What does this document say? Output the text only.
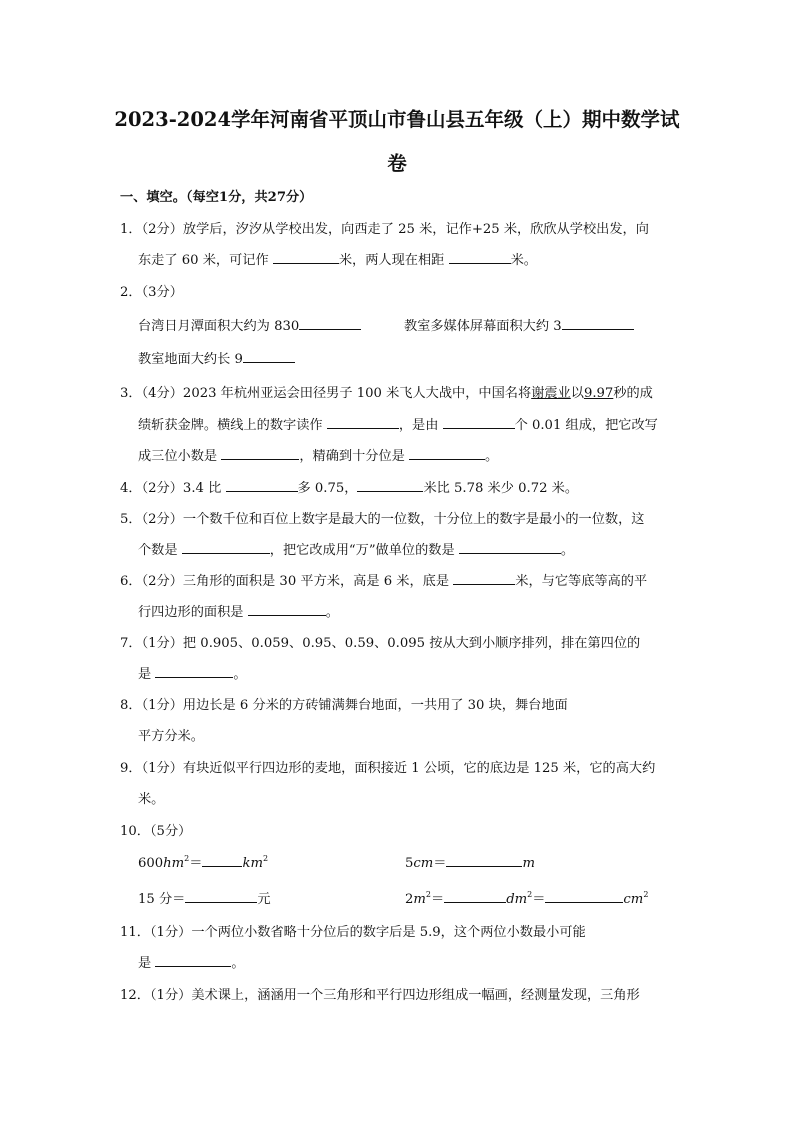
2023-2024学年河南省平顶山市鲁山县五年级（上）期中数学试
卷
一、填空。（每空1分，共27分）
1．（2分）放学后，汐汐从学校出发，向西走了 25 米，记作+25 米，欣欣从学校出发，向
东走了 60 米，可记作	米，两人现在相距	米。
2．（3分）
台湾日月潭面积大约为 830	教室多媒体屏幕面积大约 3
教室地面大约长 9
3．（4分）2023 年杭州亚运会田径男子 100 米飞人大战中，中国名将谢震业以9.97秒的成
绩斩获金牌。横线上的数字读作	，是由	个 0.01 组成，把它改写
成三位小数是	，精确到十分位是	。
4．（2分）3.4 比	多 0.75，	米比 5.78 米少 0.72 米。
5．（2分）一个数千位和百位上数字是最大的一位数，十分位上的数字是最小的一位数，这
个数是	，把它改成用“万”做单位的数是	。
6．（2分）三角形的面积是 30 平方米，高是 6 米，底是	米，与它等底等高的平
行四边形的面积是	。
7．（1分）把 0.905、0.059、0.95、0.59、0.095 按从大到小顺序排列，排在第四位的
是	。
8．（1分）用边长是 6 分米的方砖铺满舞台地面，一共用了 30 块，舞台地面
平方分米。
9．（1分）有块近似平行四边形的麦地，面积接近 1 公顷，它的底边是 125 米，它的高大约
米。
10．（5分）
$600hm^2=$	$km^2$	5cm＝	m
15 分＝	元	$2m^2=$	$dm^2=$	$cm^2$
11．（1分）一个两位小数省略十分位后的数字后是 5.9，这个两位小数最小可能
是	。
12．（1分）美术课上，涵涵用一个三角形和平行四边形组成一幅画，经测量发现，三角形
